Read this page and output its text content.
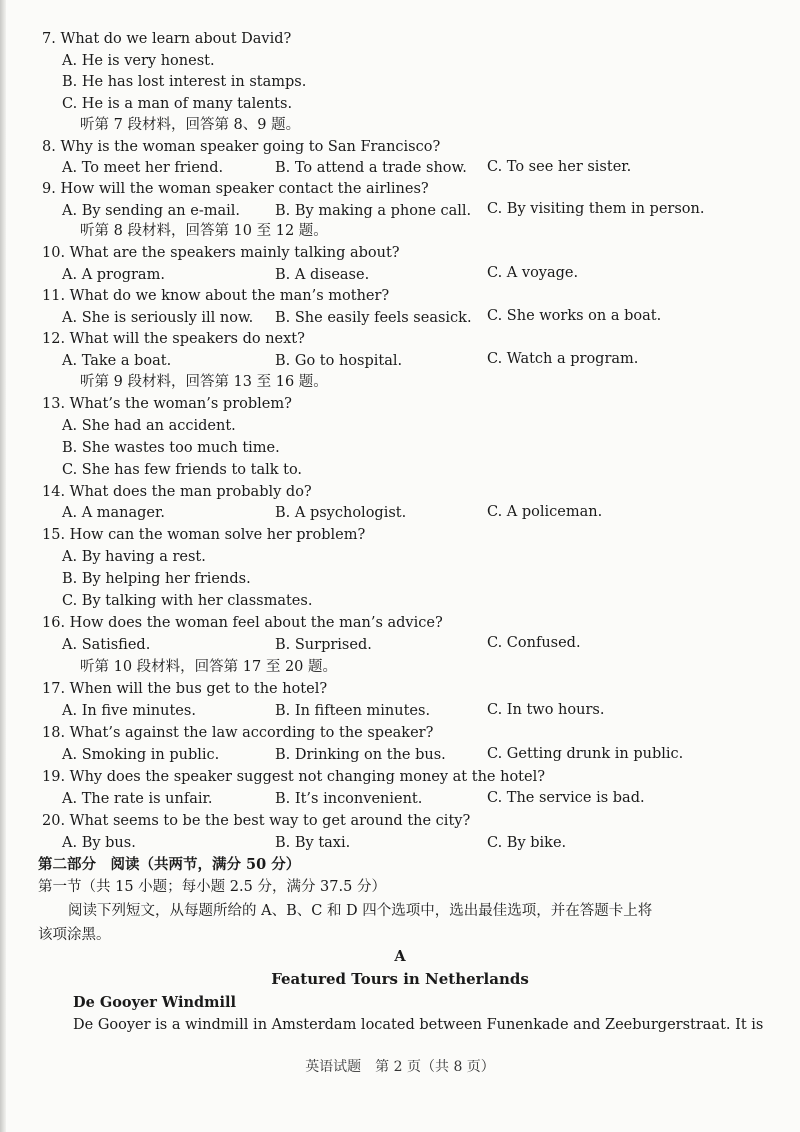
7. What do we learn about David?
A. He is very honest.
B. He has lost interest in stamps.
C. He is a man of many talents.
听第 7 段材料，回答第 8、9 题。
8. Why is the woman speaker going to San Francisco?
A. To meet her friend.	B. To attend a trade show. C. To see her sister.
9. How will the woman speaker contact the airlines?
A. By sending an e-mail. B. By making a phone call. C. By visiting them in person.
听第 8 段材料，回答第 10 至 12 题。
10. What are the speakers mainly talking about?
A. A program.	B. A disease.	C. A voyage.
11. What do we know about the man’s mother?
A. She is seriously ill now. B. She easily feels seasick. C. She works on a boat.
12. What will the speakers do next?
A. Take a boat.	B. Go to hospital.	C. Watch a program.
听第 9 段材料，回答第 13 至 16 题。
13. What’s the woman’s problem?
A. She had an accident.
B. She wastes too much time.
C. She has few friends to talk to.
14. What does the man probably do?
A. A manager.	B. A psychologist.	C. A policeman.
15. How can the woman solve her problem?
A. By having a rest.
B. By helping her friends.
C. By talking with her classmates.
16. How does the woman feel about the man’s advice?
A. Satisfied.	B. Surprised.	C. Confused.
听第 10 段材料，回答第 17 至 20 题。
17. When will the bus get to the hotel?
A. In five minutes.	B. In fifteen minutes.	C. In two hours.
18. What’s against the law according to the speaker?
A. Smoking in public.	B. Drinking on the bus.	C. Getting drunk in public.
19. Why does the speaker suggest not changing money at the hotel?
A. The rate is unfair.	B. It’s inconvenient.	C. The service is bad.
20. What seems to be the best way to get around the city?
A. By bus.	B. By taxi.	C. By bike.
第二部分　阅读（共两节，满分 50 分）
第一节（共 15 小题；每小题 2.5 分，满分 37.5 分）
阅读下列短文，从每题所给的 A、B、C 和 D 四个选项中，选出最佳选项，并在答题卡上将
该项涂黑。
A
Featured Tours in Netherlands
De Gooyer Windmill
De Gooyer is a windmill in Amsterdam located between Funenkade and Zeeburgerstraat. It is
英语试题　第 2 页（共 8 页）
